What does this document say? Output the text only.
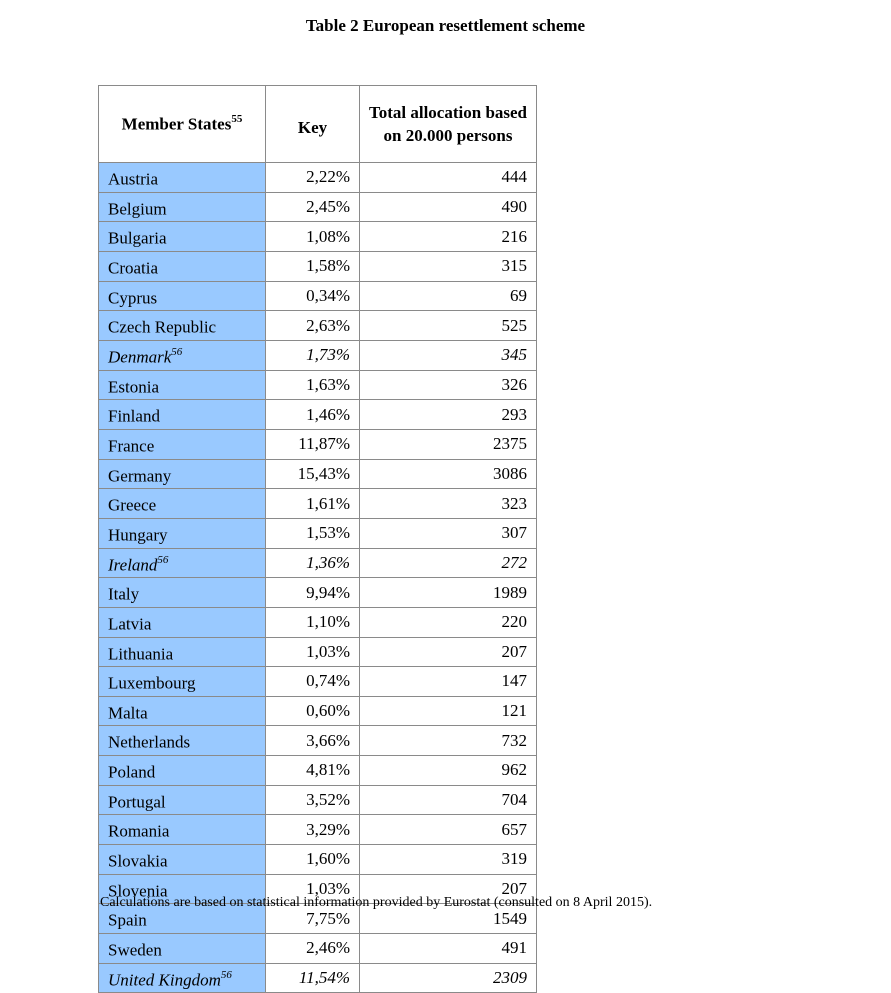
Table 2 European resettlement scheme
Member States$^{55}$	Key	Total allocation based on 20.000 persons
Austria	2,22%	444
Belgium	2,45%	490
Bulgaria	1,08%	216
Croatia	1,58%	315
Cyprus	0,34%	69
Czech Republic	2,63%	525
Denmark$^{56}$	1,73%	345
Estonia	1,63%	326
Finland	1,46%	293
France	11,87%	2375
Germany	15,43%	3086
Greece	1,61%	323
Hungary	1,53%	307
Ireland$^{56}$	1,36%	272
Italy	9,94%	1989
Latvia	1,10%	220
Lithuania	1,03%	207
Luxembourg	0,74%	147
Malta	0,60%	121
Netherlands	3,66%	732
Poland	4,81%	962
Portugal	3,52%	704
Romania	3,29%	657
Slovakia	1,60%	319
Slovenia	1,03%	207
Spain	7,75%	1549
Sweden	2,46%	491
United Kingdom$^{56}$	11,54%	2309
Calculations are based on statistical information provided by Eurostat (consulted on 8 April 2015).
